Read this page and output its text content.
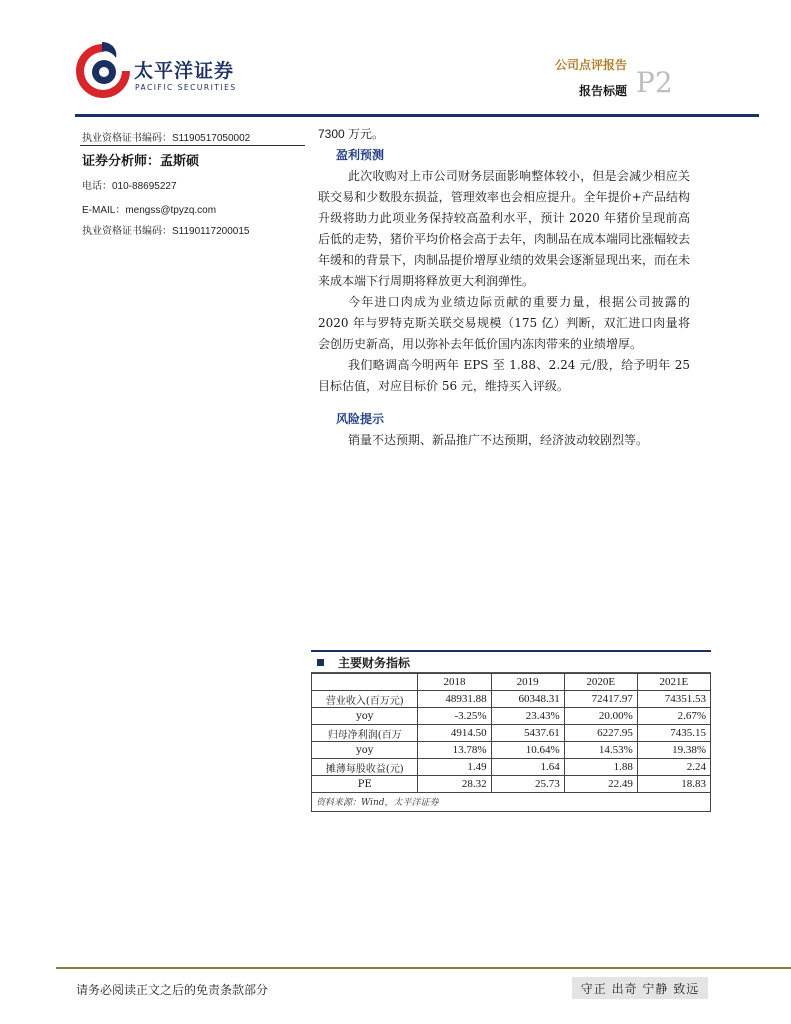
太平洋证券
PACIFIC SECURITIES
公司点评报告
报告标题 P2
执业资格证书编码：S1190517050002
证券分析师：孟斯硕
电话：010-88695227
E-MAIL：mengss@tpyzq.com
执业资格证书编码：S1190117200015

7300 万元。

盈利预测

此次收购对上市公司财务层面影响整体较小，但是会减少相应关联交易和少数股东损益，管理效率也会相应提升。全年提价+产品结构升级将助力此项业务保持较高盈利水平，预计 2020 年猪价呈现前高后低的走势，猪价平均价格会高于去年，肉制品在成本端同比涨幅较去年缓和的背景下，肉制品提价增厚业绩的效果会逐渐显现出来，而在未来成本端下行周期将释放更大利润弹性。

今年进口肉成为业绩边际贡献的重要力量，根据公司披露的 2020 年与罗特克斯关联交易规模（175 亿）判断，双汇进口肉量将会创历史新高，用以弥补去年低价国内冻肉带来的业绩增厚。

我们略调高今明两年 EPS 至 1.88、2.24 元/股，给予明年 25 目标估值，对应目标价 56 元，维持买入评级。

风险提示

销量不达预期、新品推广不达预期，经济波动较剧烈等。

主要财务指标
	2018	2019	2020E	2021E
营业收入(百万元)	48931.88	60348.31	72417.97	74351.53
yoy	-3.25%	23.43%	20.00%	2.67%
归母净利润(百万	4914.50	5437.61	6227.95	7435.15
yoy	13.78%	10.64%	14.53%	19.38%
摊薄每股收益(元)	1.49	1.64	1.88	2.24
PE	28.32	25.73	22.49	18.83
资料来源：Wind，太平洋证券
请务必阅读正文之后的免责条款部分	守正 出奇 宁静 致远
